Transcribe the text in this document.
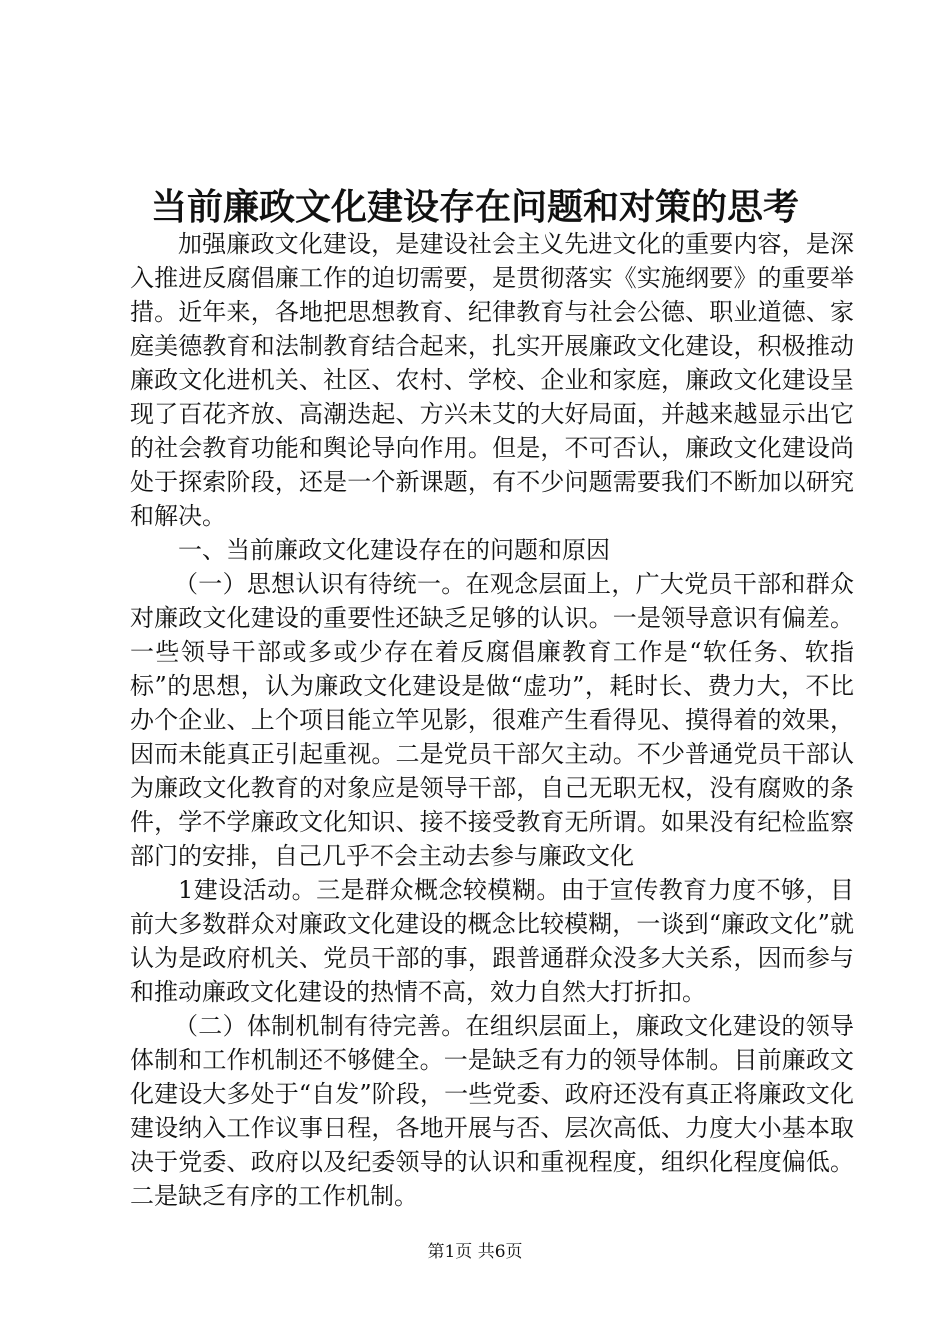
当前廉政文化建设存在问题和对策的思考

加强廉政文化建设，是建设社会主义先进文化的重要内容，是深入推进反腐倡廉工作的迫切需要，是贯彻落实《实施纲要》的重要举措。近年来，各地把思想教育、纪律教育与社会公德、职业道德、家庭美德教育和法制教育结合起来，扎实开展廉政文化建设，积极推动廉政文化进机关、社区、农村、学校、企业和家庭，廉政文化建设呈现了百花齐放、高潮迭起、方兴未艾的大好局面，并越来越显示出它的社会教育功能和舆论导向作用。但是，不可否认，廉政文化建设尚处于探索阶段，还是一个新课题，有不少问题需要我们不断加以研究和解决。

一、当前廉政文化建设存在的问题和原因

（一）思想认识有待统一。在观念层面上，广大党员干部和群众对廉政文化建设的重要性还缺乏足够的认识。一是领导意识有偏差。一些领导干部或多或少存在着反腐倡廉教育工作是“软任务、软指标”的思想，认为廉政文化建设是做“虚功”，耗时长、费力大，不比办个企业、上个项目能立竿见影，很难产生看得见、摸得着的效果，因而未能真正引起重视。二是党员干部欠主动。不少普通党员干部认为廉政文化教育的对象应是领导干部，自己无职无权，没有腐败的条件，学不学廉政文化知识、接不接受教育无所谓。如果没有纪检监察部门的安排，自己几乎不会主动去参与廉政文化

1建设活动。三是群众概念较模糊。由于宣传教育力度不够，目前大多数群众对廉政文化建设的概念比较模糊，一谈到“廉政文化”就认为是政府机关、党员干部的事，跟普通群众没多大关系，因而参与和推动廉政文化建设的热情不高，效力自然大打折扣。

（二）体制机制有待完善。在组织层面上，廉政文化建设的领导体制和工作机制还不够健全。一是缺乏有力的领导体制。目前廉政文化建设大多处于“自发”阶段，一些党委、政府还没有真正将廉政文化建设纳入工作议事日程，各地开展与否、层次高低、力度大小基本取决于党委、政府以及纪委领导的认识和重视程度，组织化程度偏低。二是缺乏有序的工作机制。

第1页 共6页
